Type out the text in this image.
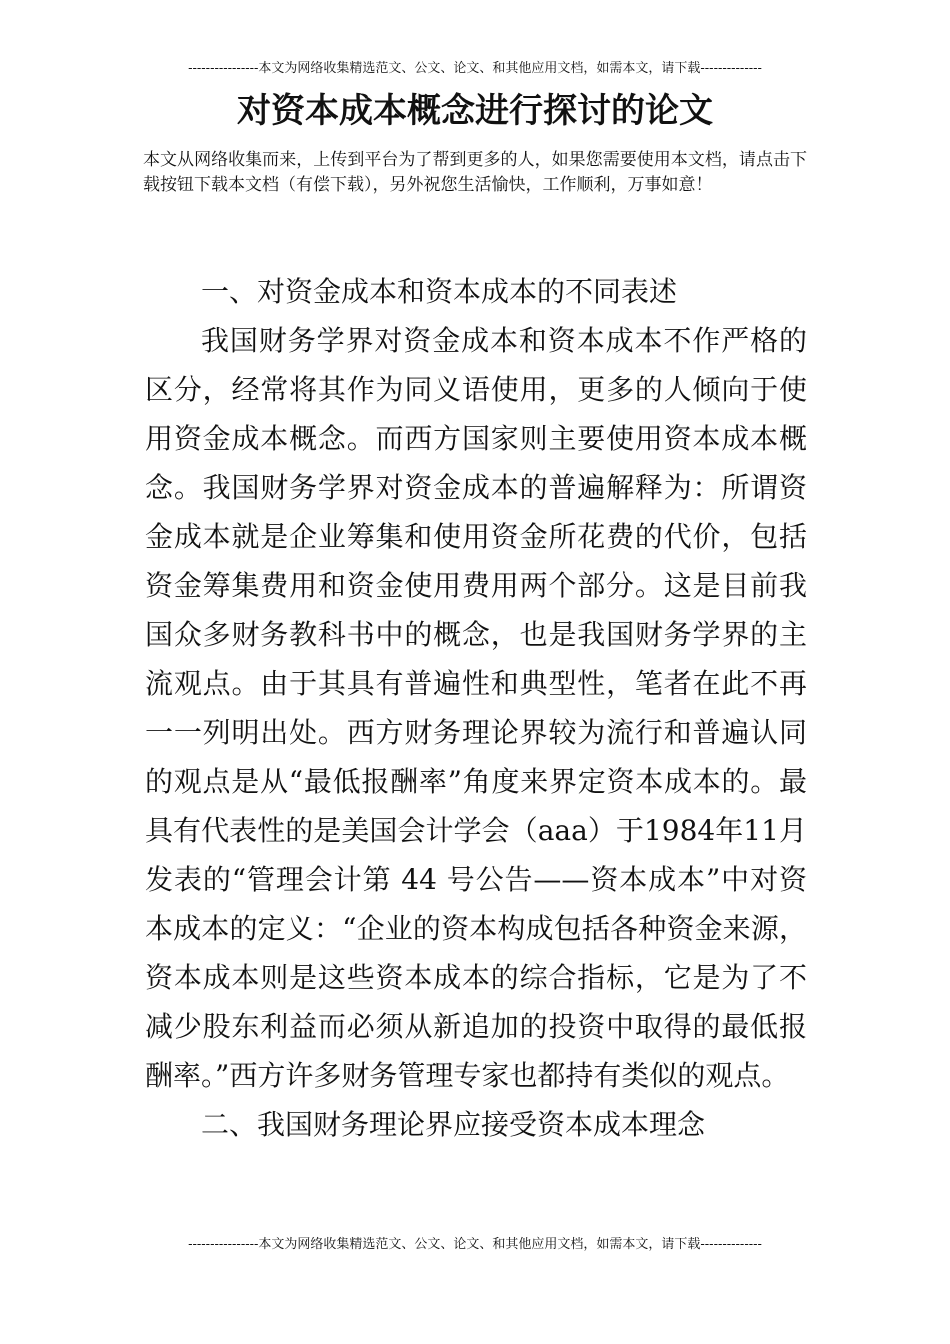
----------------本文为网络收集精选范文、公文、论文、和其他应用文档，如需本文，请下载--------------
对资本成本概念进行探讨的论文

本文从网络收集而来，上传到平台为了帮到更多的人，如果您需要使用本文档，请点击下载按钮下载本文档（有偿下载），另外祝您生活愉快，工作顺利，万事如意！

一、对资金成本和资本成本的不同表述

我国财务学界对资金成本和资本成本不作严格的区分，经常将其作为同义语使用，更多的人倾向于使用资金成本概念。而西方国家则主要使用资本成本概念。我国财务学界对资金成本的普遍解释为：所谓资金成本就是企业筹集和使用资金所花费的代价，包括资金筹集费用和资金使用费用两个部分。这是目前我国众多财务教科书中的概念，也是我国财务学界的主流观点。由于其具有普遍性和典型性，笔者在此不再一一列明出处。西方财务理论界较为流行和普遍认同的观点是从“最低报酬率”角度来界定资本成本的。最具有代表性的是美国会计学会（aaa）于1984年11月发表的“管理会计第 44 号公告——资本成本”中对资本成本的定义：“企业的资本构成包括各种资金来源，资本成本则是这些资本成本的综合指标，它是为了不减少股东利益而必须从新追加的投资中取得的最低报酬率。”西方许多财务管理专家也都持有类似的观点。

二、我国财务理论界应接受资本成本理念

----------------本文为网络收集精选范文、公文、论文、和其他应用文档，如需本文，请下载--------------
